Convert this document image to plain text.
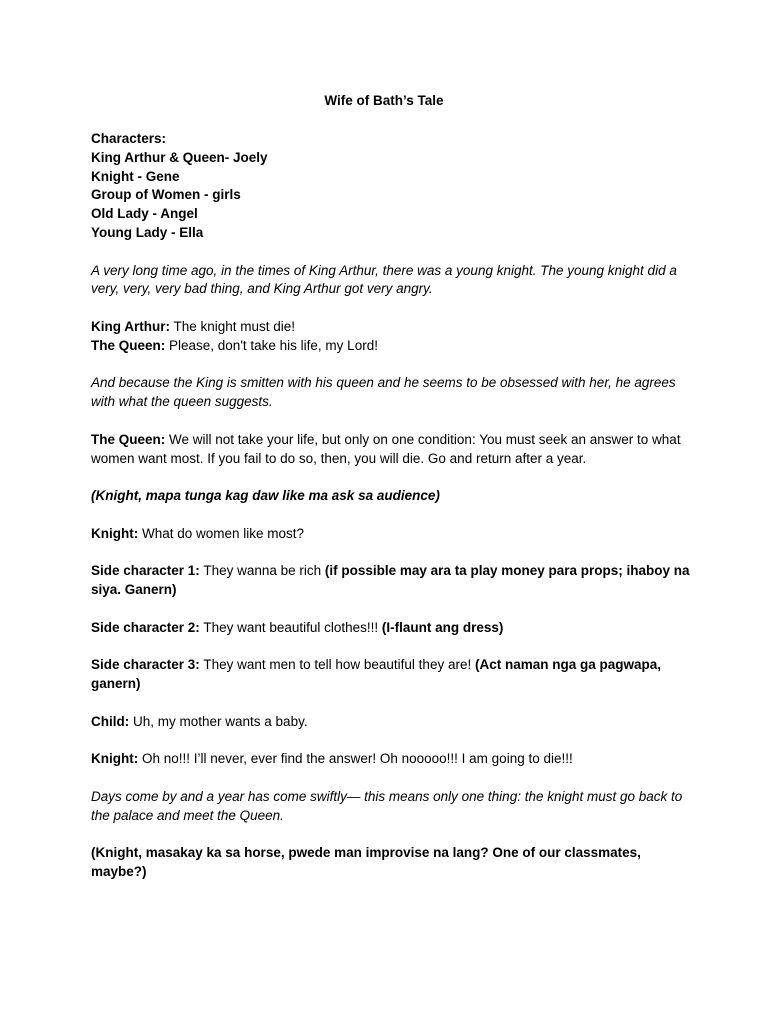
Wife of Bath’s Tale

Characters:
King Arthur & Queen- Joely
Knight - Gene
Group of Women - girls
Old Lady - Angel
Young Lady - Ella

A very long time ago, in the times of King Arthur, there was a young knight. The young knight did a very, very, very bad thing, and King Arthur got very angry.

King Arthur: The knight must die!
The Queen: Please, don't take his life, my Lord!

And because the King is smitten with his queen and he seems to be obsessed with her, he agrees with what the queen suggests.

The Queen: We will not take your life, but only on one condition: You must seek an answer to what women want most. If you fail to do so, then, you will die. Go and return after a year.

(Knight, mapa tunga kag daw like ma ask sa audience)

Knight: What do women like most?

Side character 1: They wanna be rich (if possible may ara ta play money para props; ihaboy na siya. Ganern)

Side character 2: They want beautiful clothes!!! (I-flaunt ang dress)

Side character 3: They want men to tell how beautiful they are! (Act naman nga ga pagwapa, ganern)

Child: Uh, my mother wants a baby.

Knight: Oh no!!! I’ll never, ever find the answer! Oh nooooo!!! I am going to die!!!

Days come by and a year has come swiftly— this means only one thing: the knight must go back to the palace and meet the Queen.

(Knight, masakay ka sa horse, pwede man improvise na lang? One of our classmates, maybe?)
